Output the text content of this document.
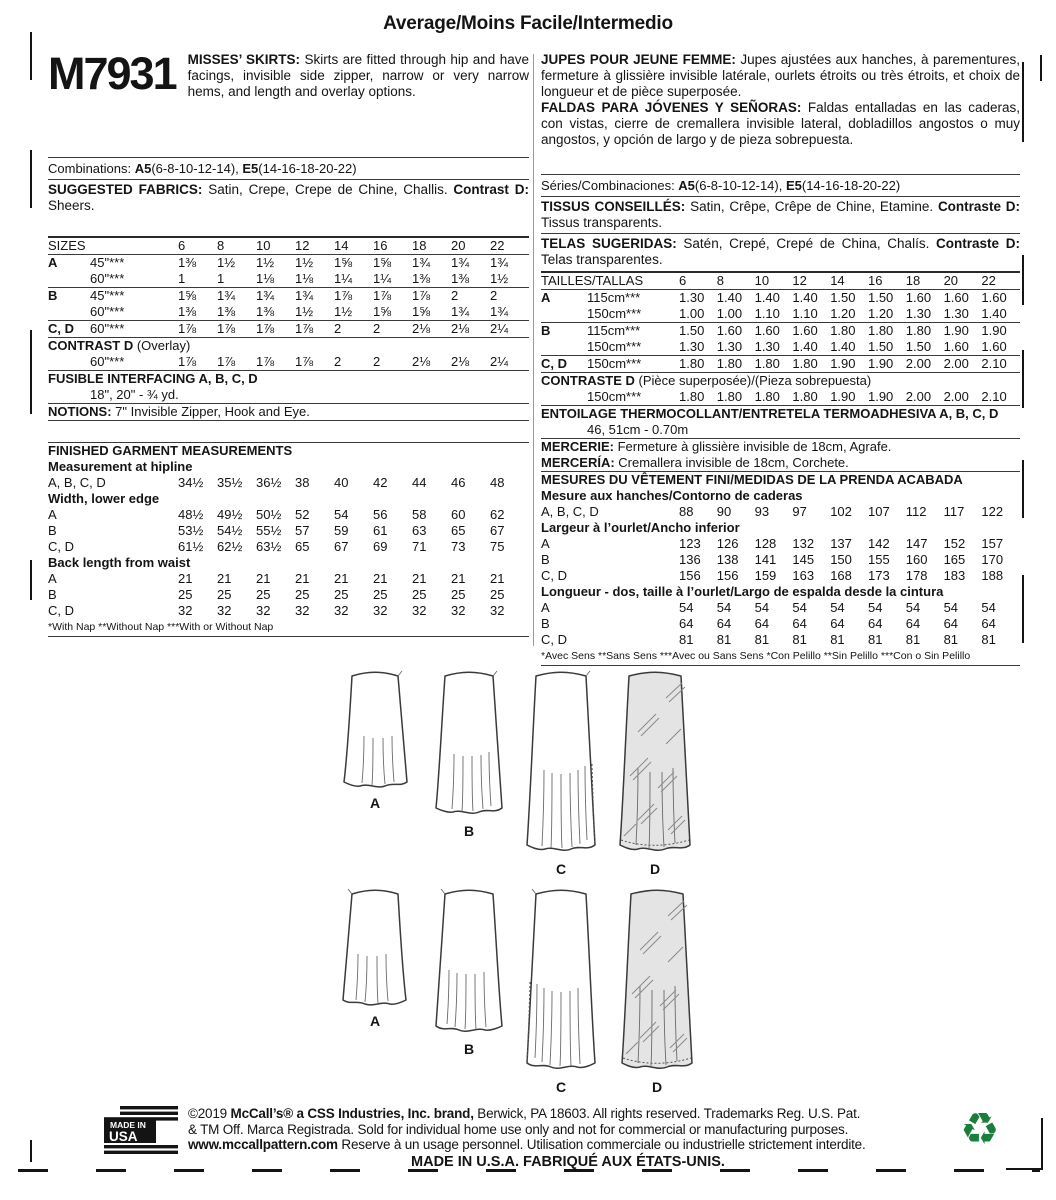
Average/Moins Facile/Intermedio
M7931 MISSES’ SKIRTS: Skirts are fitted through hip and have facings, invisible side zipper, narrow or very narrow hems, and length and overlay options.
Combinations: A5(6-8-10-12-14), E5(14-16-18-20-22)
SUGGESTED FABRICS: Satin, Crepe, Crepe de Chine, Challis. Contrast D: Sheers.
SIZES	6	8	10	12	14	16	18	20	22
A	45"***	1⅜	1½	1½	1½	1⅝	1⅝	1¾	1¾	1¾
60"***	1	1	1⅛	1⅛	1¼	1¼	1⅜	1⅜	1½
B	45"***	1⅝	1¾	1¾	1¾	1⅞	1⅞	1⅞	2	2
60"***	1⅜	1⅜	1⅜	1½	1½	1⅝	1⅝	1¾	1¾
C, D	60"***	1⅞	1⅞	1⅞	1⅞	2	2	2⅛	2⅛	2¼
CONTRAST D (Overlay)
60"***	1⅞	1⅞	1⅞	1⅞	2	2	2⅛	2⅛	2¼
FUSIBLE INTERFACING A, B, C, D
18", 20" - ¾ yd.
NOTIONS: 7" Invisible Zipper, Hook and Eye.
FINISHED GARMENT MEASUREMENTS
Measurement at hipline
A, B, C, D	34½	35½	36½	38	40	42	44	46	48
Width, lower edge
A	48½	49½	50½	52	54	56	58	60	62
B	53½	54½	55½	57	59	61	63	65	67
C, D	61½	62½	63½	65	67	69	71	73	75
Back length from waist
A	21	21	21	21	21	21	21	21	21
B	25	25	25	25	25	25	25	25	25
C, D	32	32	32	32	32	32	32	32	32
*With Nap **Without Nap ***With or Without Nap
JUPES POUR JEUNE FEMME: Jupes ajustées aux hanches, à parementures, fermeture à glissière invisible latérale, ourlets étroits ou très étroits, et choix de longueur et de pièce superposée.
FALDAS PARA JÓVENES Y SEÑORAS: Faldas entalladas en las caderas, con vistas, cierre de cremallera invisible lateral, dobladillos angostos o muy angostos, y opción de largo y de pieza sobrepuesta.
Séries/Combinaciones: A5(6-8-10-12-14), E5(14-16-18-20-22)
TISSUS CONSEILLÉS: Satin, Crêpe, Crêpe de Chine, Etamine. Contraste D: Tissus transparents.
TELAS SUGERIDAS: Satén, Crepé, Crepé de China, Chalís. Contraste D: Telas transparentes.
TAILLES/TALLAS	6	8	10	12	14	16	18	20	22
A	115cm***	1.30 1.40 1.40 1.40 1.50 1.50 1.60 1.60 1.60
150cm***	1.00 1.00 1.10 1.10 1.20 1.20 1.30 1.30 1.40
B	115cm***	1.50 1.60 1.60 1.60 1.80 1.80 1.80 1.90 1.90
150cm***	1.30 1.30 1.30 1.40 1.40 1.50 1.50 1.60 1.60
C, D	150cm***	1.80 1.80 1.80 1.80 1.90 1.90 2.00 2.00 2.10
CONTRASTE D (Pièce superposée)/(Pieza sobrepuesta)
150cm***	1.80 1.80 1.80 1.80 1.90 1.90 2.00 2.00 2.10
ENTOILAGE THERMOCOLLANT/ENTRETELA TERMOADHESIVA A, B, C, D
46, 51cm - 0.70m
MERCERIE: Fermeture à glissière invisible de 18cm, Agrafe.
MERCERÍA: Cremallera invisible de 18cm, Corchete.
MESURES DU VÊTEMENT FINI/MEDIDAS DE LA PRENDA ACABADA
Mesure aux hanches/Contorno de caderas
A, B, C, D	88	90	93	97	102	107	112	117	122
Largeur à l’ourlet/Ancho inferior
A	123	126	128	132	137	142	147	152	157
B	136	138	141	145	150	155	160	165	170
C, D	156	156	159	163	168	173	178	183	188
Longueur - dos, taille à l’ourlet/Largo de espalda desde la cintura
A	54	54	54	54	54	54	54	54	54
B	64	64	64	64	64	64	64	64	64
C, D	81	81	81	81	81	81	81	81	81
*Avec Sens **Sans Sens ***Avec ou Sans Sens *Con Pelillo **Sin Pelillo ***Con o Sin Pelillo
A
B
C	D
A
B
C	D
MADE IN
USA
©2019 McCall’s® a CSS Industries, Inc. brand, Berwick, PA 18603. All rights reserved. Trademarks Reg. U.S. Pat.
& TM Off. Marca Registrada. Sold for individual home use only and not for commercial or manufacturing purposes.
www.mccallpattern.com Reserve à un usage personnel. Utilisation commerciale ou industrielle strictement interdite.
MADE IN U.S.A. FABRIQUÉ AUX ÉTATS-UNIS.
♻
